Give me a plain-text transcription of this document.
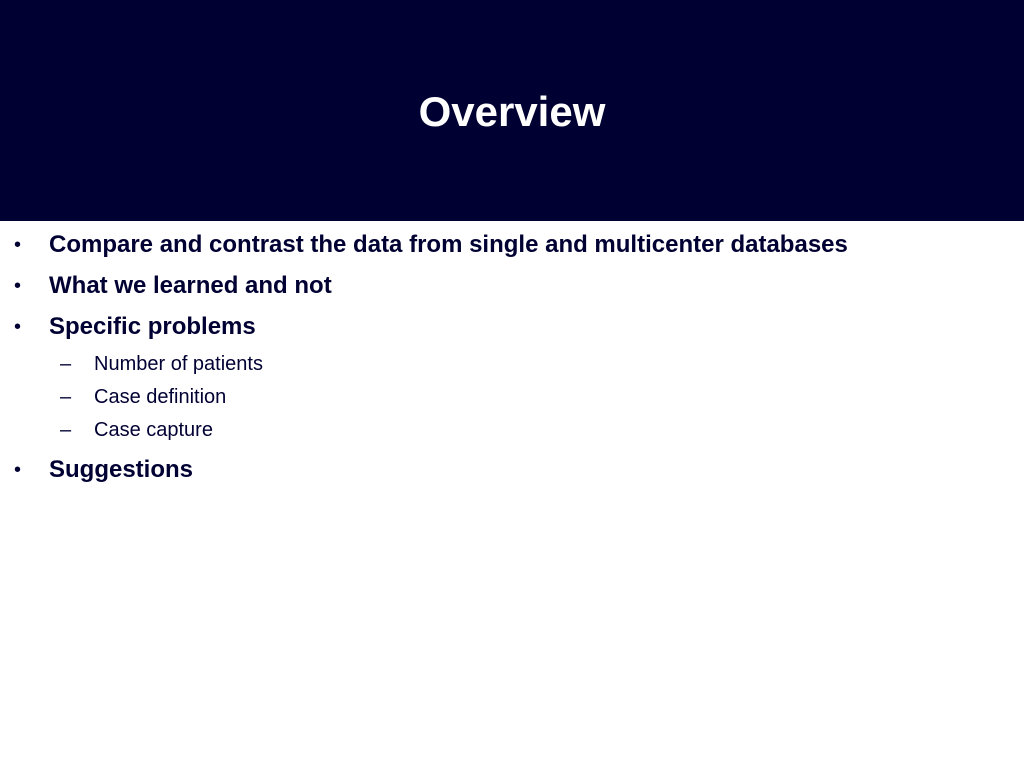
Overview
• Compare and contrast the data from single and multicenter databases
• What we learned and not
• Specific problems
– Number of patients
– Case definition
– Case capture
• Suggestions
